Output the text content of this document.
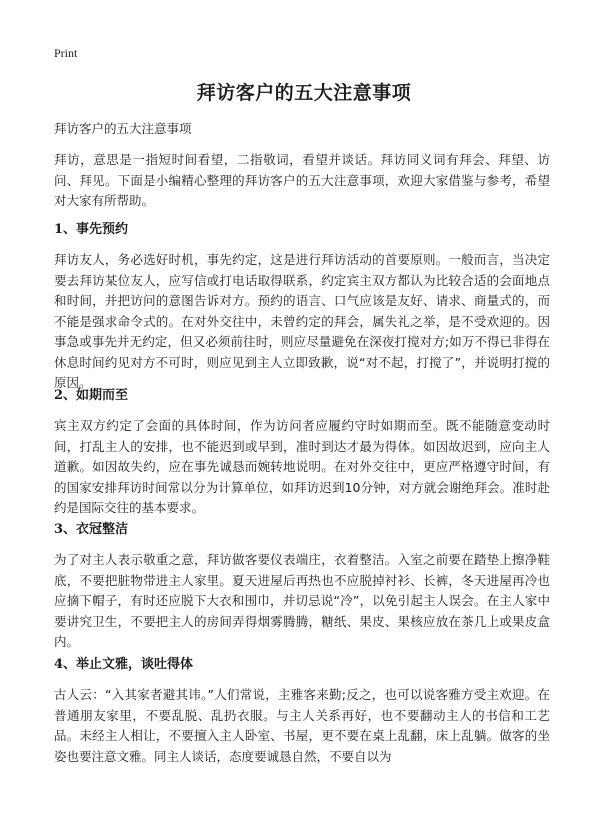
Print
拜访客户的五大注意事项

拜访客户的五大注意事项

拜访，意思是一指短时间看望，二指敬词，看望并谈话。拜访同义词有拜会、拜望、访问、拜见。下面是小编精心整理的拜访客户的五大注意事项，欢迎大家借鉴与参考，希望对大家有所帮助。

1、事先预约

拜访友人，务必选好时机，事先约定，这是进行拜访活动的首要原则。一般而言，当决定要去拜访某位友人，应写信或打电话取得联系，约定宾主双方都认为比较合适的会面地点和时间，并把访问的意图告诉对方。预约的语言、口气应该是友好、请求、商量式的，而不能是强求命令式的。在对外交往中，未曾约定的拜会，属失礼之举，是不受欢迎的。因事急或事先并无约定，但又必须前往时，则应尽量避免在深夜打搅对方;如万不得已非得在休息时间约见对方不可时，则应见到主人立即致歉，说“对不起，打搅了”，并说明打搅的原因。

2、如期而至

宾主双方约定了会面的具体时间，作为访问者应履约守时如期而至。既不能随意变动时间，打乱主人的安排，也不能迟到或早到，准时到达才最为得体。如因故迟到，应向主人道歉。如因故失约，应在事先诚恳而婉转地说明。在对外交往中，更应严格遵守时间，有的国家安排拜访时间常以分为计算单位，如拜访迟到10分钟，对方就会谢绝拜会。准时赴约是国际交往的基本要求。

3、衣冠整洁

为了对主人表示敬重之意，拜访做客要仪表端庄，衣着整洁。入室之前要在踏垫上擦净鞋底，不要把脏物带进主人家里。夏天进屋后再热也不应脱掉衬衫、长裤，冬天进屋再冷也应摘下帽子，有时还应脱下大衣和围巾，并切忌说“冷”，以免引起主人误会。在主人家中要讲究卫生，不要把主人的房间弄得烟雾腾腾，糖纸、果皮、果核应放在茶几上或果皮盒内。

4、举止文雅，谈吐得体

古人云：“入其家者避其讳。”人们常说，主雅客来勤;反之，也可以说客雅方受主欢迎。在普通朋友家里，不要乱脱、乱扔衣服。与主人关系再好，也不要翻动主人的书信和工艺品。未经主人相让，不要擅入主人卧室、书屋，更不要在桌上乱翻，床上乱躺。做客的坐姿也要注意文雅。同主人谈话，态度要诚恳自然，不要自以为
